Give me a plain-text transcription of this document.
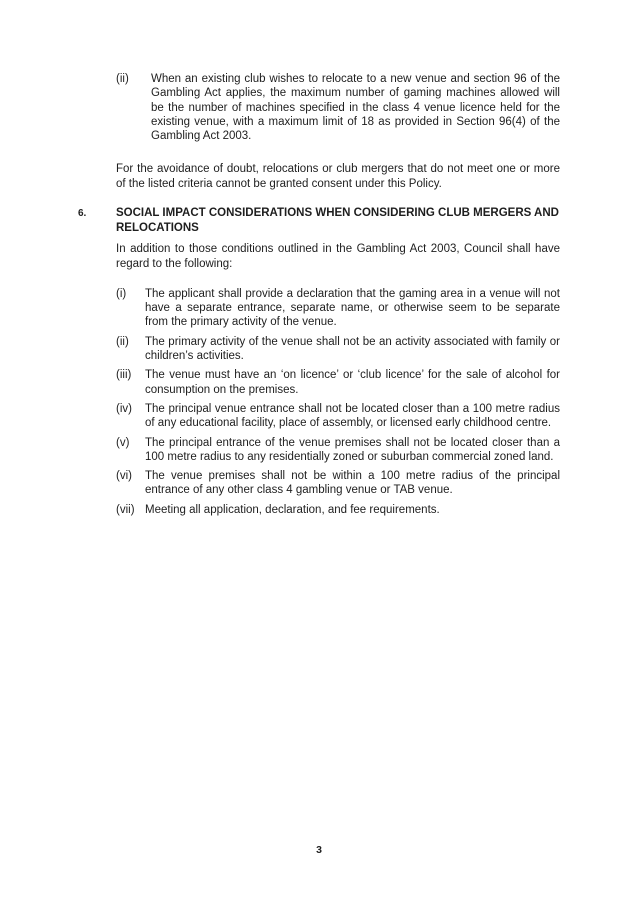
(ii)	When an existing club wishes to relocate to a new venue and section 96 of the Gambling Act applies, the maximum number of gaming machines allowed will be the number of machines specified in the class 4 venue licence held for the existing venue, with a maximum limit of 18 as provided in Section 96(4) of the Gambling Act 2003.

For the avoidance of doubt, relocations or club mergers that do not meet one or more of the listed criteria cannot be granted consent under this Policy.

6.	SOCIAL IMPACT CONSIDERATIONS WHEN CONSIDERING CLUB MERGERS AND RELOCATIONS

In addition to those conditions outlined in the Gambling Act 2003, Council shall have regard to the following:

(i)	The applicant shall provide a declaration that the gaming area in a venue will not have a separate entrance, separate name, or otherwise seem to be separate from the primary activity of the venue.

(ii)	The primary activity of the venue shall not be an activity associated with family or children’s activities.

(iii)	The venue must have an ‘on licence’ or ‘club licence’ for the sale of alcohol for consumption on the premises.

(iv)	The principal venue entrance shall not be located closer than a 100 metre radius of any educational facility, place of assembly, or licensed early childhood centre.

(v)	The principal entrance of the venue premises shall not be located closer than a 100 metre radius to any residentially zoned or suburban commercial zoned land.

(vi)	The venue premises shall not be within a 100 metre radius of the principal entrance of any other class 4 gambling venue or TAB venue.

(vii) Meeting all application, declaration, and fee requirements.

3
